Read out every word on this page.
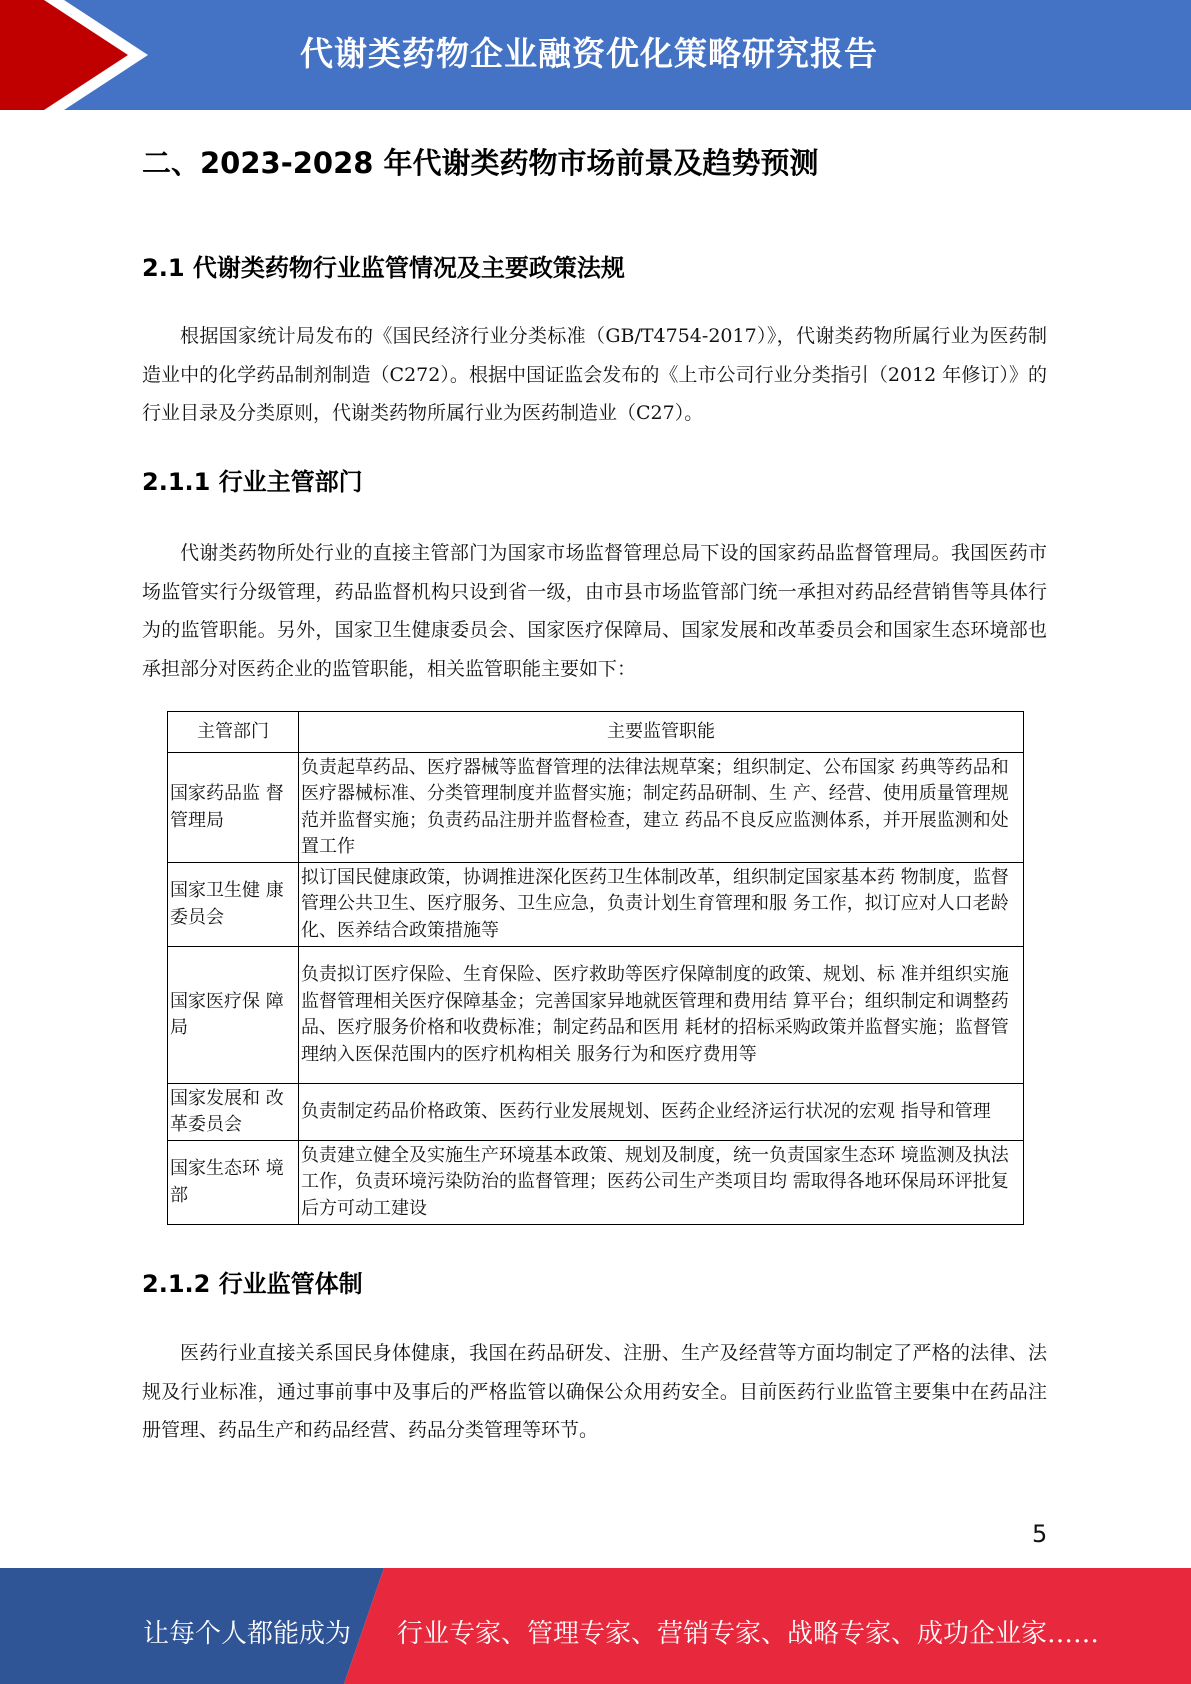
代谢类药物企业融资优化策略研究报告
二、2023-2028 年代谢类药物市场前景及趋势预测
2.1 代谢类药物行业监管情况及主要政策法规

根据国家统计局发布的《国民经济行业分类标准（GB/T4754-2017）》，代谢类药物所属行业为医药制造业中的化学药品制剂制造（C272）。根据中国证监会发布的《上市公司行业分类指引（2012 年修订）》的行业目录及分类原则，代谢类药物所属行业为医药制造业（C27）。

2.1.1 行业主管部门

代谢类药物所处行业的直接主管部门为国家市场监督管理总局下设的国家药品监督管理局。我国医药市场监管实行分级管理，药品监督机构只设到省一级，由市县市场监管部门统一承担对药品经营销售等具体行为的监管职能。另外，国家卫生健康委员会、国家医疗保障局、国家发展和改革委员会和国家生态环境部也承担部分对医药企业的监管职能，相关监管职能主要如下：

主管部门	主要监管职能
国家药品监 督管理局	负责起草药品、医疗器械等监督管理的法律法规草案；组织制定、公布国家 药典等药品和医疗器械标准、分类管理制度并监督实施；制定药品研制、生 产、经营、使用质量管理规范并监督实施；负责药品注册并监督检查，建立 药品不良反应监测体系，并开展监测和处置工作
国家卫生健 康委员会	拟订国民健康政策，协调推进深化医药卫生体制改革，组织制定国家基本药 物制度，监督管理公共卫生、医疗服务、卫生应急，负责计划生育管理和服 务工作，拟订应对人口老龄化、医养结合政策措施等
国家医疗保 障局	负责拟订医疗保险、生育保险、医疗救助等医疗保障制度的政策、规划、标 准并组织实施监督管理相关医疗保障基金；完善国家异地就医管理和费用结 算平台；组织制定和调整药品、医疗服务价格和收费标准；制定药品和医用 耗材的招标采购政策并监督实施；监督管理纳入医保范围内的医疗机构相关 服务行为和医疗费用等
国家发展和 改革委员会	负责制定药品价格政策、医药行业发展规划、医药企业经济运行状况的宏观 指导和管理
国家生态环 境部	负责建立健全及实施生产环境基本政策、规划及制度，统一负责国家生态环 境监测及执法工作，负责环境污染防治的监督管理；医药公司生产类项目均 需取得各地环保局环评批复后方可动工建设
2.1.2 行业监管体制

医药行业直接关系国民身体健康，我国在药品研发、注册、生产及经营等方面均制定了严格的法律、法规及行业标准，通过事前事中及事后的严格监管以确保公众用药安全。目前医药行业监管主要集中在药品注册管理、药品生产和药品经营、药品分类管理等环节。

5
让每个人都能成为 行业专家、管理专家、营销专家、战略专家、成功企业家……
